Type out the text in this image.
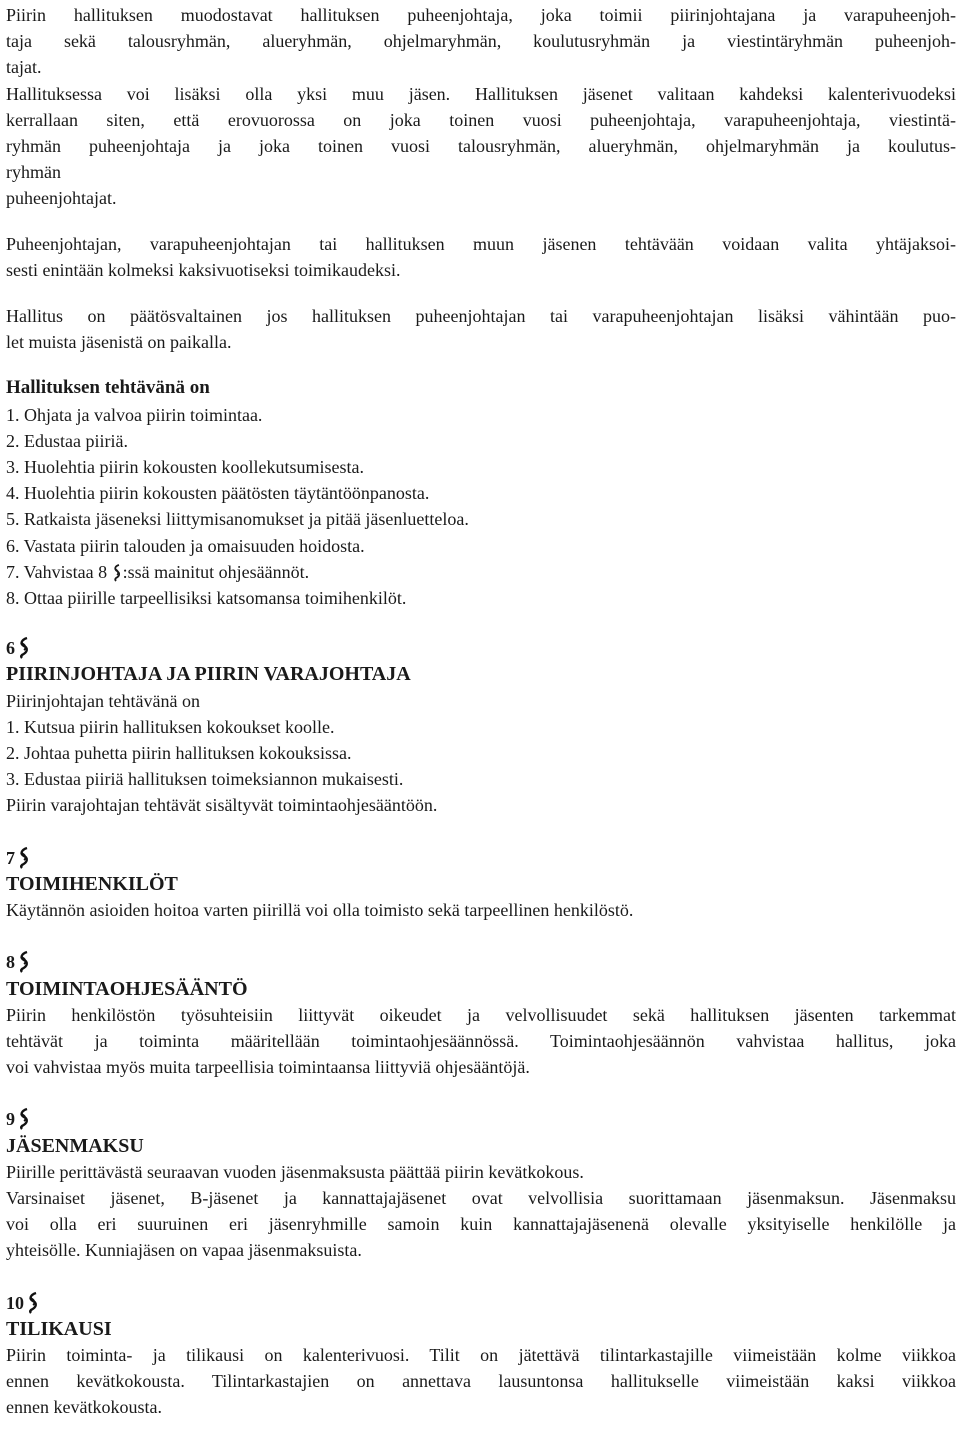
Piirin hallituksen muodostavat hallituksen puheenjohtaja, joka toimii piirinjohtajana ja varapuheenjoh-
taja sekä talousryhmän, alueryhmän, ohjelmaryhmän, koulutusryhmän ja viestintäryhmän puheenjoh-
tajat.
Hallituksessa voi lisäksi olla yksi muu jäsen. Hallituksen jäsenet valitaan kahdeksi kalenterivuodeksi
kerrallaan siten, että erovuorossa on joka toinen vuosi puheenjohtaja, varapuheenjohtaja, viestintä-
ryhmän puheenjohtaja ja joka toinen vuosi talousryhmän, alueryhmän, ohjelmaryhmän ja koulutus-
ryhmän
puheenjohtajat.
Puheenjohtajan, varapuheenjohtajan tai hallituksen muun jäsenen tehtävään voidaan valita yhtäjaksoi-
sesti enintään kolmeksi kaksivuotiseksi toimikaudeksi.
Hallitus on päätösvaltainen jos hallituksen puheenjohtajan tai varapuheenjohtajan lisäksi vähintään puo-
let muista jäsenistä on paikalla.
Hallituksen tehtävänä on
1. Ohjata ja valvoa piirin toimintaa.
2. Edustaa piiriä.
3. Huolehtia piirin kokousten koollekutsumisesta.
4. Huolehtia piirin kokousten päätösten täytäntöönpanosta.
5. Ratkaista jäseneksi liittymisanomukset ja pitää jäsenluetteloa.
6. Vastata piirin talouden ja omaisuuden hoidosta.
7. Vahvistaa 8
:ssä mainitut ohjesäännöt.
8. Ottaa piirille tarpeellisiksi katsomansa toimihenkilöt.
6
PIIRINJOHTAJA JA PIIRIN VARAJOHTAJA
Piirinjohtajan tehtävänä on
1. Kutsua piirin hallituksen kokoukset koolle.
2. Johtaa puhetta piirin hallituksen kokouksissa.
3. Edustaa piiriä hallituksen toimeksiannon mukaisesti.
Piirin varajohtajan tehtävät sisältyvät toimintaohjesääntöön.
7
TOIMIHENKILÖT
Käytännön asioiden hoitoa varten piirillä voi olla toimisto sekä tarpeellinen henkilöstö.
8
TOIMINTAOHJESÄÄNTÖ
Piirin henkilöstön työsuhteisiin liittyvät oikeudet ja velvollisuudet sekä hallituksen jäsenten tarkemmat
tehtävät ja toiminta määritellään toimintaohjesäännössä. Toimintaohjesäännön vahvistaa hallitus, joka
voi vahvistaa myös muita tarpeellisia toimintaansa liittyviä ohjesääntöjä.
9
JÄSENMAKSU
Piirille perittävästä seuraavan vuoden jäsenmaksusta päättää piirin kevätkokous.
Varsinaiset jäsenet, B-jäsenet ja kannattajajäsenet ovat velvollisia suorittamaan jäsenmaksun. Jäsenmaksu
voi olla eri suuruinen eri jäsenryhmille samoin kuin kannattajajäsenenä olevalle yksityiselle henkilölle ja
yhteisölle. Kunniajäsen on vapaa jäsenmaksuista.
10
TILIKAUSI
Piirin toiminta- ja tilikausi on kalenterivuosi. Tilit on jätettävä tilintarkastajille viimeistään kolme viikkoa
ennen kevätkokousta. Tilintarkastajien on annettava lausuntonsa hallitukselle viimeistään kaksi viikkoa
ennen kevätkokousta.
